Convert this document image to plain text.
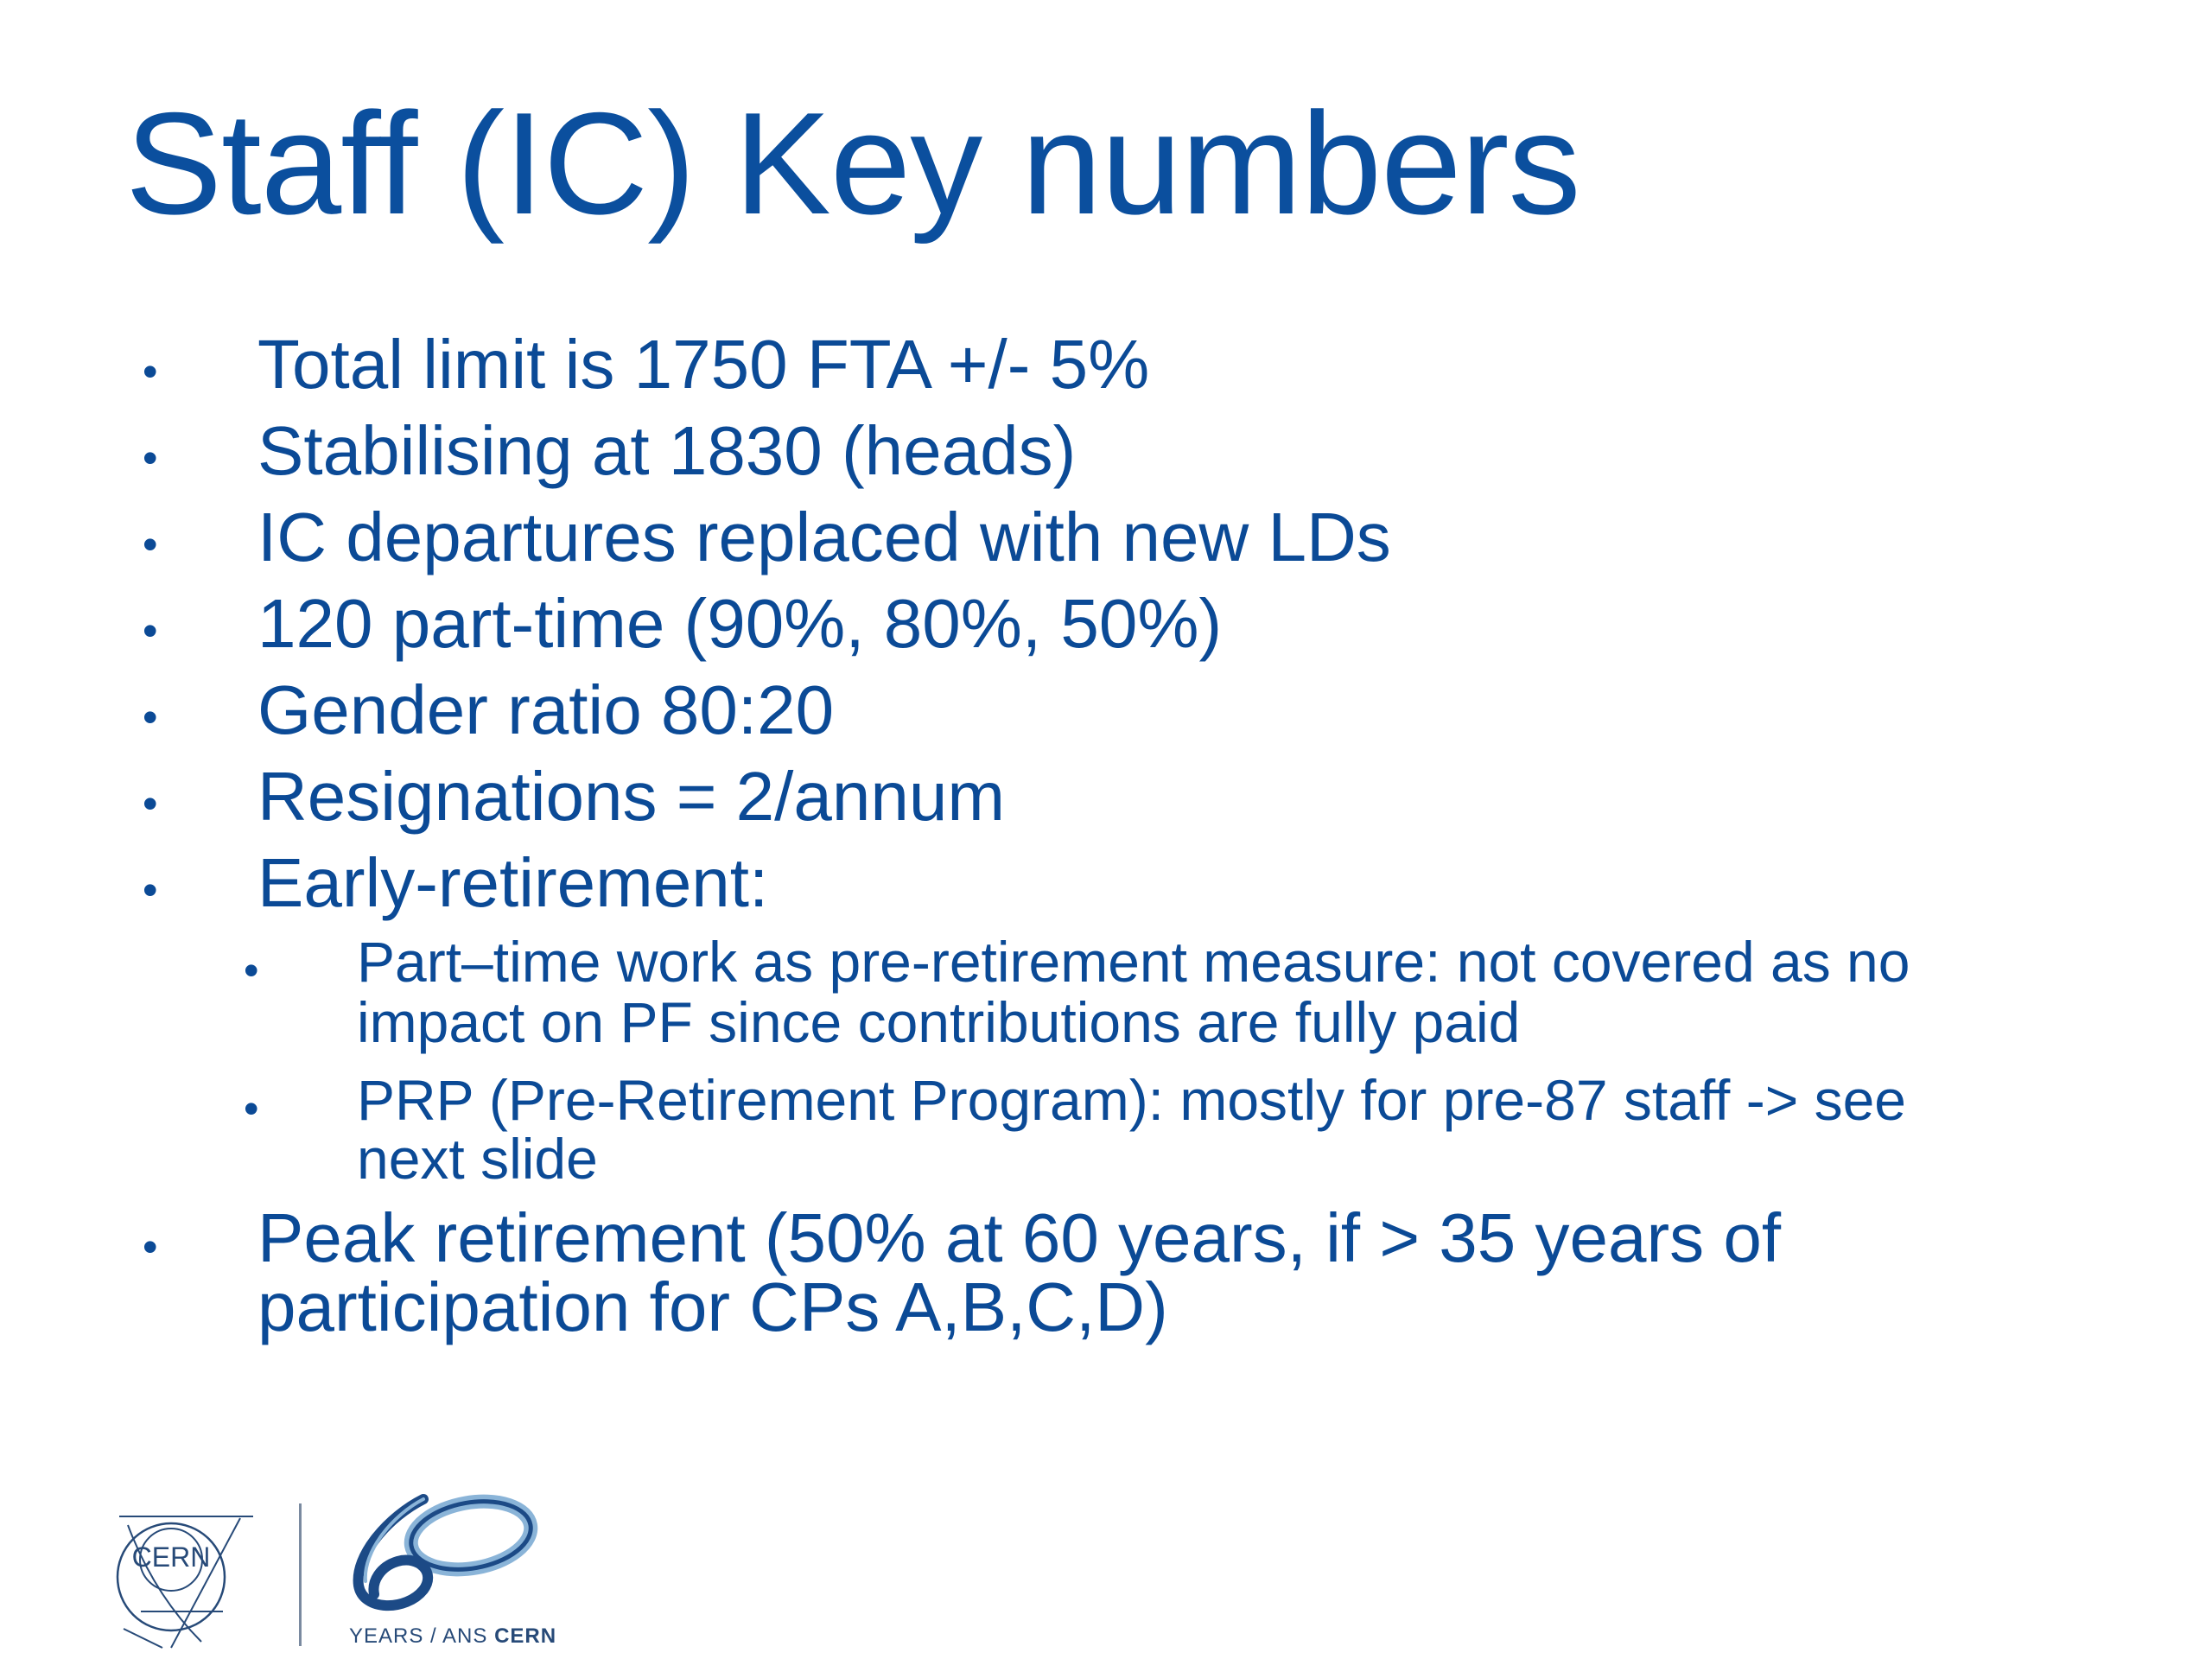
Staff (IC) Key numbers
• Total limit is 1750 FTA +/- 5%
• Stabilising at 1830 (heads)
• IC departures replaced with new LDs
• 120 part-time (90%, 80%, 50%)
• Gender ratio 80:20
• Resignations = 2/annum
• Early-retirement:
• Part–time work as pre-retirement measure: not covered as no
impact on PF since contributions are fully paid
• PRP (Pre-Retirement Program): mostly for pre-87 staff -> see
next slide
• Peak retirement (50% at 60 years, if > 35 years of
participation for CPs A,B,C,D)
CERN
YEARS / ANS CERN
